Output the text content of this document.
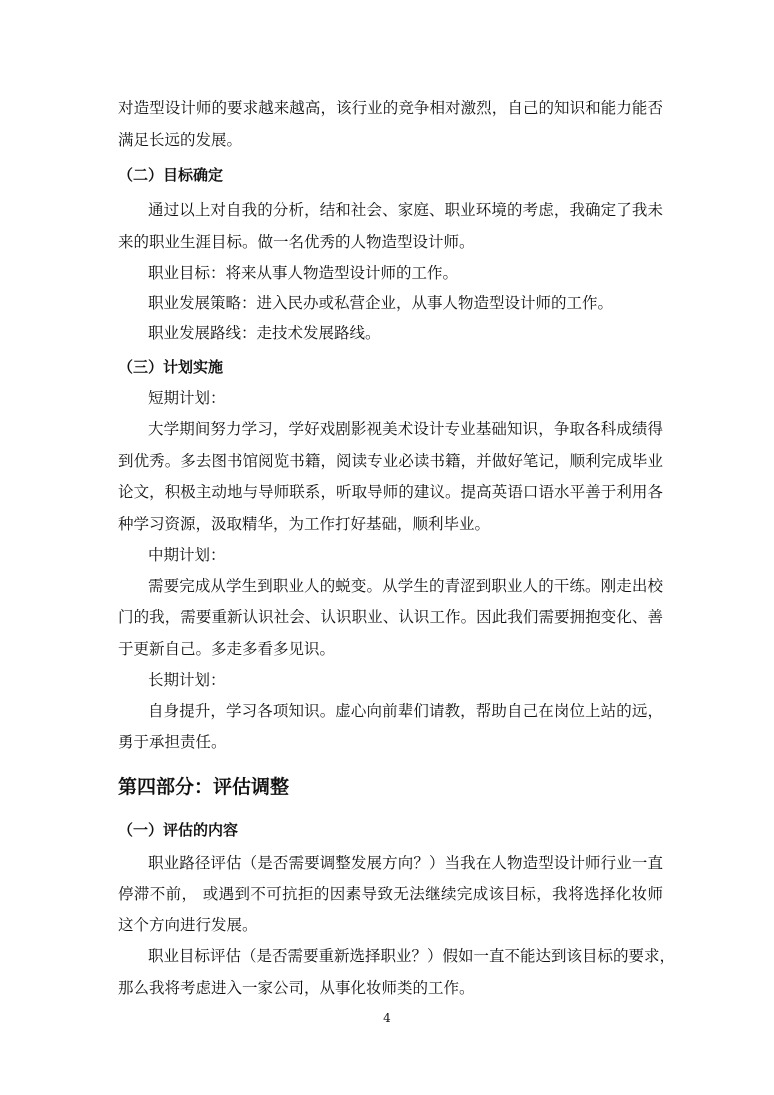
对造型设计师的要求越来越高，该行业的竞争相对激烈，自己的知识和能力能否
满足长远的发展。
（二）目标确定
通过以上对自我的分析，结和社会、家庭、职业环境的考虑，我确定了我未
来的职业生涯目标。做一名优秀的人物造型设计师。
职业目标：将来从事人物造型设计师的工作。
职业发展策略：进入民办或私营企业，从事人物造型设计师的工作。
职业发展路线：走技术发展路线。
（三）计划实施
短期计划：
大学期间努力学习，学好戏剧影视美术设计专业基础知识，争取各科成绩得
到优秀。多去图书馆阅览书籍，阅读专业必读书籍，并做好笔记，顺利完成毕业
论文，积极主动地与导师联系，听取导师的建议。提高英语口语水平善于利用各
种学习资源，汲取精华，为工作打好基础，顺利毕业。
中期计划：
需要完成从学生到职业人的蜕变。从学生的青涩到职业人的干练。刚走出校
门的我，需要重新认识社会、认识职业、认识工作。因此我们需要拥抱变化、善
于更新自己。多走多看多见识。
长期计划：
自身提升，学习各项知识。虚心向前辈们请教，帮助自己在岗位上站的远，
勇于承担责任。
第四部分：评估调整
（一）评估的内容
职业路径评估（是否需要调整发展方向？）当我在人物造型设计师行业一直
停滞不前， 或遇到不可抗拒的因素导致无法继续完成该目标，我将选择化妆师
这个方向进行发展。
职业目标评估（是否需要重新选择职业？）假如一直不能达到该目标的要求，
那么我将考虑进入一家公司，从事化妆师类的工作。
4
